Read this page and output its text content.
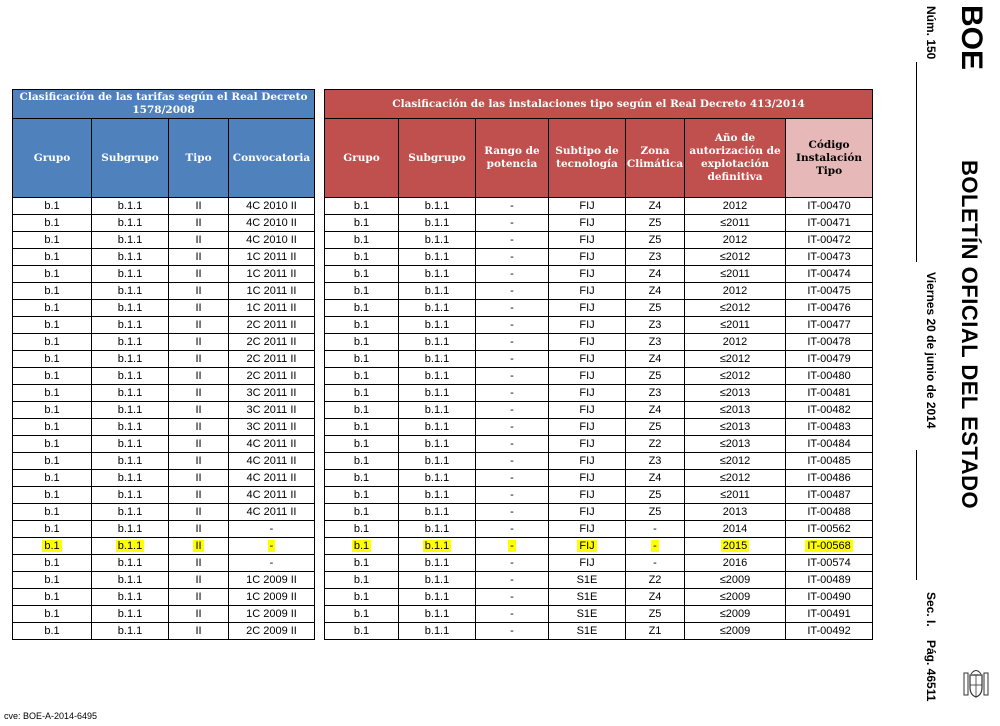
Clasificación de las tarifas según el Real Decreto 1578/2008			
Grupo	Subgrupo	Tipo	Convocatoria
b.1	b.1.1	II	4C 2010 II
b.1	b.1.1	II	4C 2010 II
b.1	b.1.1	II	4C 2010 II
b.1	b.1.1	II	1C 2011 II
b.1	b.1.1	II	1C 2011 II
b.1	b.1.1	II	1C 2011 II
b.1	b.1.1	II	1C 2011 II
b.1	b.1.1	II	2C 2011 II
b.1	b.1.1	II	2C 2011 II
b.1	b.1.1	II	2C 2011 II
b.1	b.1.1	II	2C 2011 II
b.1	b.1.1	II	3C 2011 II
b.1	b.1.1	II	3C 2011 II
b.1	b.1.1	II	3C 2011 II
b.1	b.1.1	II	4C 2011 II
b.1	b.1.1	II	4C 2011 II
b.1	b.1.1	II	4C 2011 II
b.1	b.1.1	II	4C 2011 II
b.1	b.1.1	II	4C 2011 II
b.1	b.1.1	II	-
b.1	b.1.1	II	-
b.1	b.1.1	II	-
b.1	b.1.1	II	1C 2009 II
b.1	b.1.1	II	1C 2009 II
b.1	b.1.1	II	1C 2009 II
b.1	b.1.1	II	2C 2009 II
Clasificación de las instalaciones tipo según el Real Decreto 413/2014						
Grupo	Subgrupo	Rango de potencia	Subtipo de tecnología	Zona Climática	Año de autorización de explotación definitiva	Código Instalación Tipo
b.1	b.1.1	-	FIJ	Z4	2012	IT-00470
b.1	b.1.1	-	FIJ	Z5	≤2011	IT-00471
b.1	b.1.1	-	FIJ	Z5	2012	IT-00472
b.1	b.1.1	-	FIJ	Z3	≤2012	IT-00473
b.1	b.1.1	-	FIJ	Z4	≤2011	IT-00474
b.1	b.1.1	-	FIJ	Z4	2012	IT-00475
b.1	b.1.1	-	FIJ	Z5	≤2012	IT-00476
b.1	b.1.1	-	FIJ	Z3	≤2011	IT-00477
b.1	b.1.1	-	FIJ	Z3	2012	IT-00478
b.1	b.1.1	-	FIJ	Z4	≤2012	IT-00479
b.1	b.1.1	-	FIJ	Z5	≤2012	IT-00480
b.1	b.1.1	-	FIJ	Z3	≤2013	IT-00481
b.1	b.1.1	-	FIJ	Z4	≤2013	IT-00482
b.1	b.1.1	-	FIJ	Z5	≤2013	IT-00483
b.1	b.1.1	-	FIJ	Z2	≤2013	IT-00484
b.1	b.1.1	-	FIJ	Z3	≤2012	IT-00485
b.1	b.1.1	-	FIJ	Z4	≤2012	IT-00486
b.1	b.1.1	-	FIJ	Z5	≤2011	IT-00487
b.1	b.1.1	-	FIJ	Z5	2013	IT-00488
b.1	b.1.1	-	FIJ	-	2014	IT-00562
b.1	b.1.1	-	FIJ	-	2015	IT-00568
b.1	b.1.1	-	FIJ	-	2016	IT-00574
b.1	b.1.1	-	S1E	Z2	≤2009	IT-00489
b.1	b.1.1	-	S1E	Z4	≤2009	IT-00490
b.1	b.1.1	-	S1E	Z5	≤2009	IT-00491
b.1	b.1.1	-	S1E	Z1	≤2009	IT-00492
BOE
Núm. 150
BOLETÍN OFICIAL DEL ESTADO
Viernes 20 de junio de 2014
Sec. I.
Pág. 46511
cve: BOE-A-2014-6495
